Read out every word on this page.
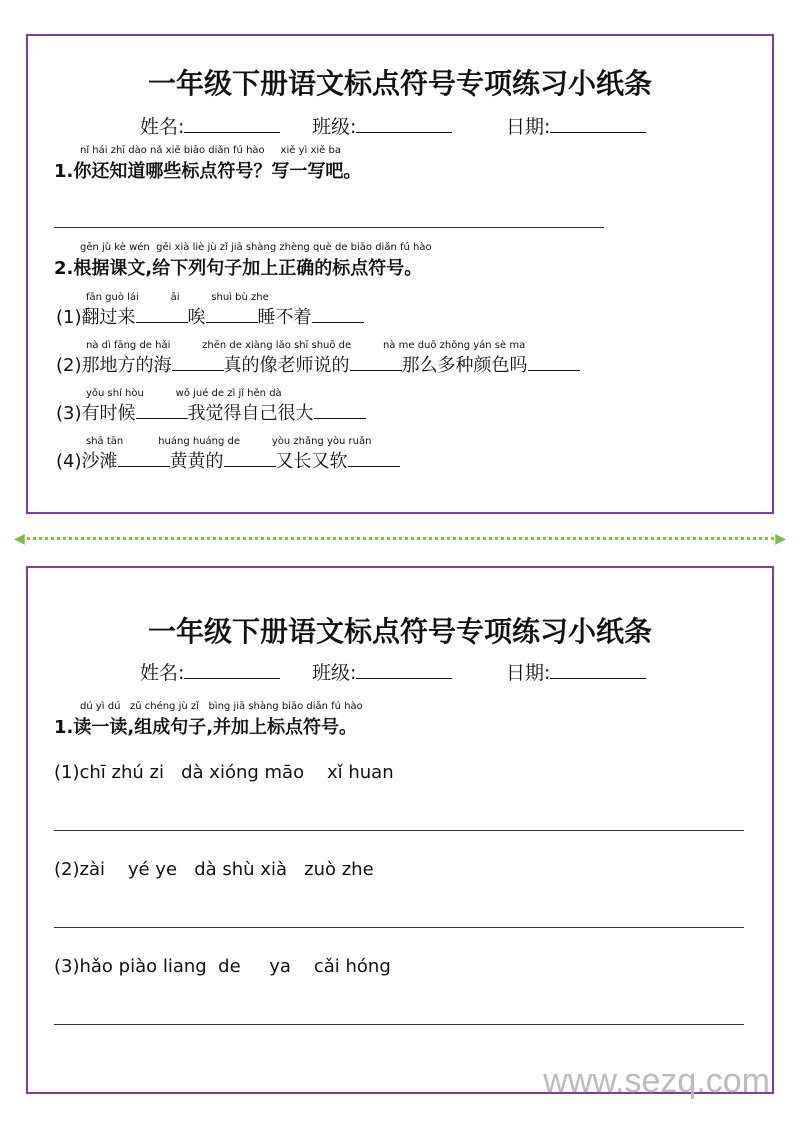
一年级下册语文标点符号专项练习小纸条
姓名:	班级:	日期:
nǐ hái zhī dào nǎ xiē biāo diǎn fú hào     xiě yì xiě ba
1.你还知道哪些标点符号？写一写吧。
gēn jù kè wén  gěi xià liè jù zǐ jiā shàng zhèng què de biāo diǎn fú hào
2.根据课文,给下列句子加上正确的标点符号。
fān guò lái          āi          shuì bù zhe
(1)翻过来	唉	睡不着
nà dì fāng de hǎi          zhēn de xiàng lǎo shī shuō de          nà me duō zhǒng yán sè ma
(2)那地方的海	真的像老师说的	那么多种颜色吗
yǒu shí hòu          wǒ jué de zì jǐ hěn dà
(3)有时候	我觉得自己很大
shā tān           huáng huáng de          yòu zhǎng yòu ruǎn
(4)沙滩	黄黄的	又长又软
◀	▶
一年级下册语文标点符号专项练习小纸条
姓名:	班级:	日期:
dú yì dú   zǔ chéng jù zǐ   bìng jiā shàng biāo diǎn fú hào
1.读一读,组成句子,并加上标点符号。
(1)chī zhú zi   dà xióng māo    xǐ huan
(2)zài    yé ye   dà shù xià   zuò zhe
(3)hǎo piào liang  de     ya    cǎi hóng
www.sezq.com
